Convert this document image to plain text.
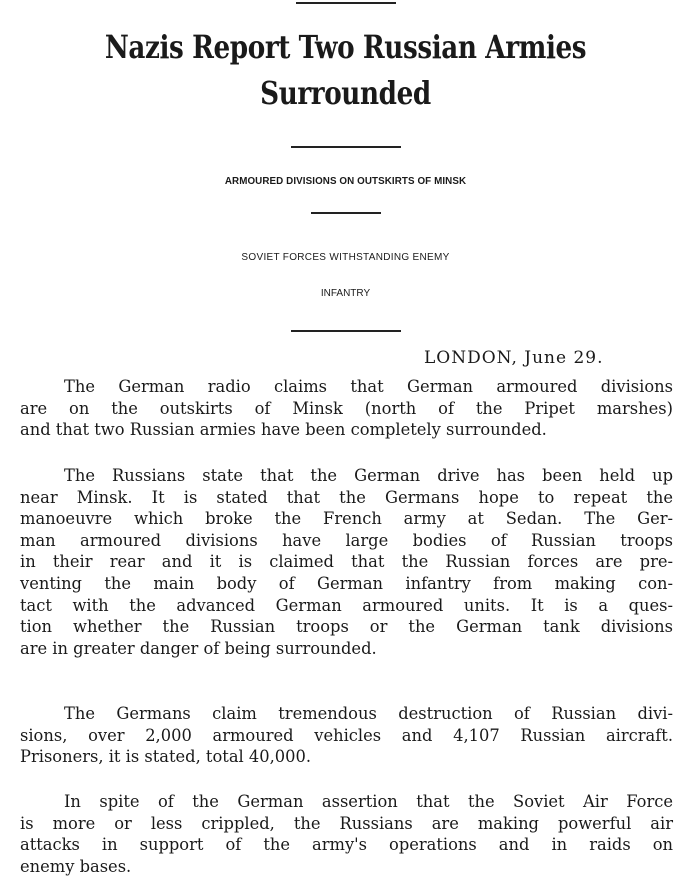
Nazis Report Two Russian Armies
Surrounded
ARMOURED DIVISIONS ON OUTSKIRTS OF MINSK
SOVIET FORCES WITHSTANDING ENEMY
INFANTRY
LONDON, June 29.
The German radio claims that German armoured divisions
are on the outskirts of Minsk (north of the Pripet marshes)
and that two Russian armies have been completely surrounded.
The Russians state that the German drive has been held up
near Minsk. It is stated that the Germans hope to repeat the
manoeuvre which broke the French army at Sedan. The Ger-
man armoured divisions have large bodies of Russian troops
in their rear and it is claimed that the Russian forces are pre-
venting the main body of German infantry from making con-
tact with the advanced German armoured units. It is a ques-
tion whether the Russian troops or the German tank divisions
are in greater danger of being surrounded.
The Germans claim tremendous destruction of Russian divi-
sions, over 2,000 armoured vehicles and 4,107 Russian aircraft.
Prisoners, it is stated, total 40,000.
In spite of the German assertion that the Soviet Air Force
is more or less crippled, the Russians are making powerful air
attacks in support of the army's operations and in raids on
enemy bases.
